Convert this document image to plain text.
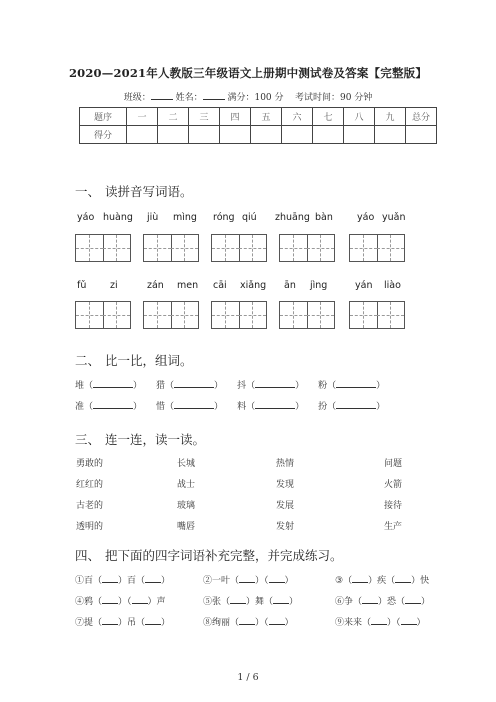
2020—2021年人教版三年级语文上册期中测试卷及答案【完整版】
班级：	姓名：	满分：100 分 考试时间：90 分钟
题序	一	二	三	四	五	六	七	八	九	总分
得分										
一、 读拼音写词语。
yáo huàng jiù mìng róng qiú zhuāng bàn	yáo yuǎn
fǔ zi	zán men cāi xiǎng ān jìng	yán liào
二、 比一比，组词。
堆（	） 猎（	） 抖（	） 粉（	）
准（	） 惜（	） 料（	） 扮（	）
三、 连一连，读一读。
勇敢的	长城	热情	问题
红红的	战士	发现	火箭
古老的	玻璃	发展	接待
透明的	嘴唇	发射	生产
四、 把下面的四字词语补充完整，并完成练习。
①百（ ）百（ ）	②一叶（ ）（ ）	③（ ）疾（ ）快
④鸦（ ）（ ）声	⑤张（ ）舞（ ）	⑥争（ ）恐（ ）
⑦提（ ）吊（ ）	⑧绚丽（ ）（ ）	⑨来来（ ）（ ）
1 / 6
